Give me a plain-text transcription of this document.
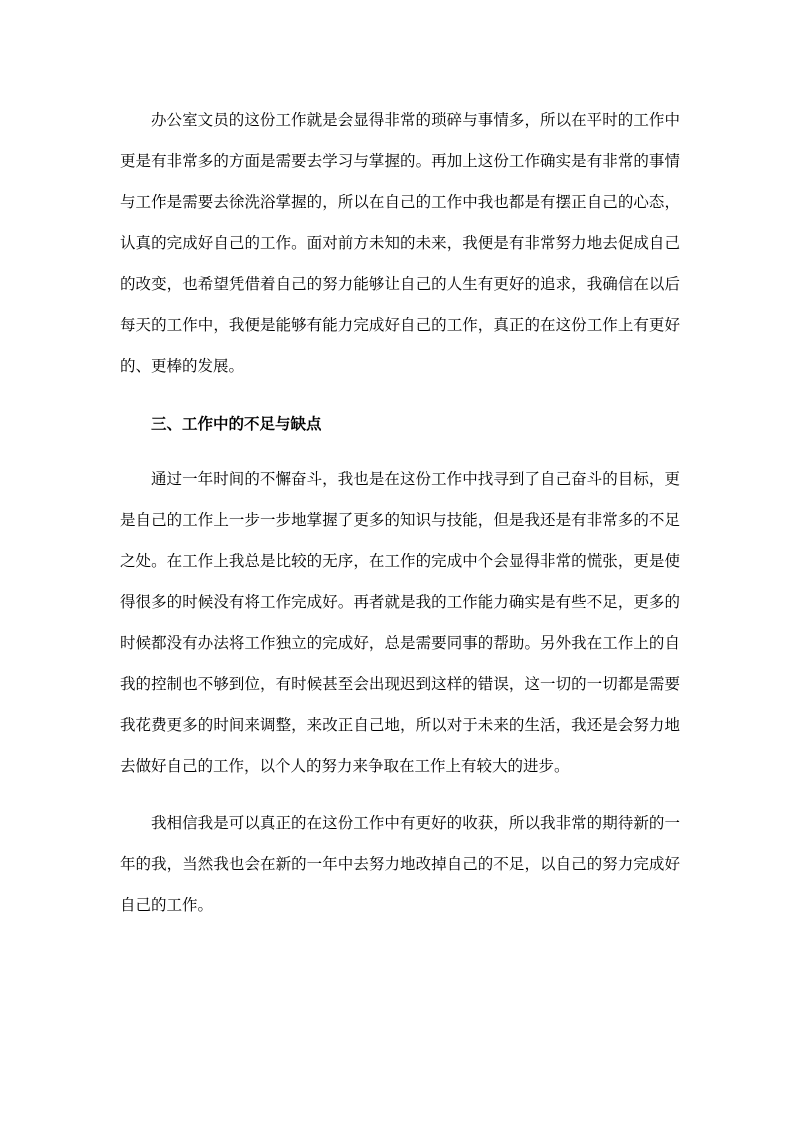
办公室文员的这份工作就是会显得非常的琐碎与事情多，所以在平时的工作中更是有非常多的方面是需要去学习与掌握的。再加上这份工作确实是有非常的事情与工作是需要去徐洗浴掌握的，所以在自己的工作中我也都是有摆正自己的心态，认真的完成好自己的工作。面对前方未知的未来，我便是有非常努力地去促成自己的改变，也希望凭借着自己的努力能够让自己的人生有更好的追求，我确信在以后每天的工作中，我便是能够有能力完成好自己的工作，真正的在这份工作上有更好的、更棒的发展。

三、工作中的不足与缺点

通过一年时间的不懈奋斗，我也是在这份工作中找寻到了自己奋斗的目标，更是自己的工作上一步一步地掌握了更多的知识与技能，但是我还是有非常多的不足之处。在工作上我总是比较的无序，在工作的完成中个会显得非常的慌张，更是使得很多的时候没有将工作完成好。再者就是我的工作能力确实是有些不足，更多的时候都没有办法将工作独立的完成好，总是需要同事的帮助。另外我在工作上的自我的控制也不够到位，有时候甚至会出现迟到这样的错误，这一切的一切都是需要我花费更多的时间来调整，来改正自己地，所以对于未来的生活，我还是会努力地去做好自己的工作，以个人的努力来争取在工作上有较大的进步。

我相信我是可以真正的在这份工作中有更好的收获，所以我非常的期待新的一年的我，当然我也会在新的一年中去努力地改掉自己的不足，以自己的努力完成好自己的工作。
